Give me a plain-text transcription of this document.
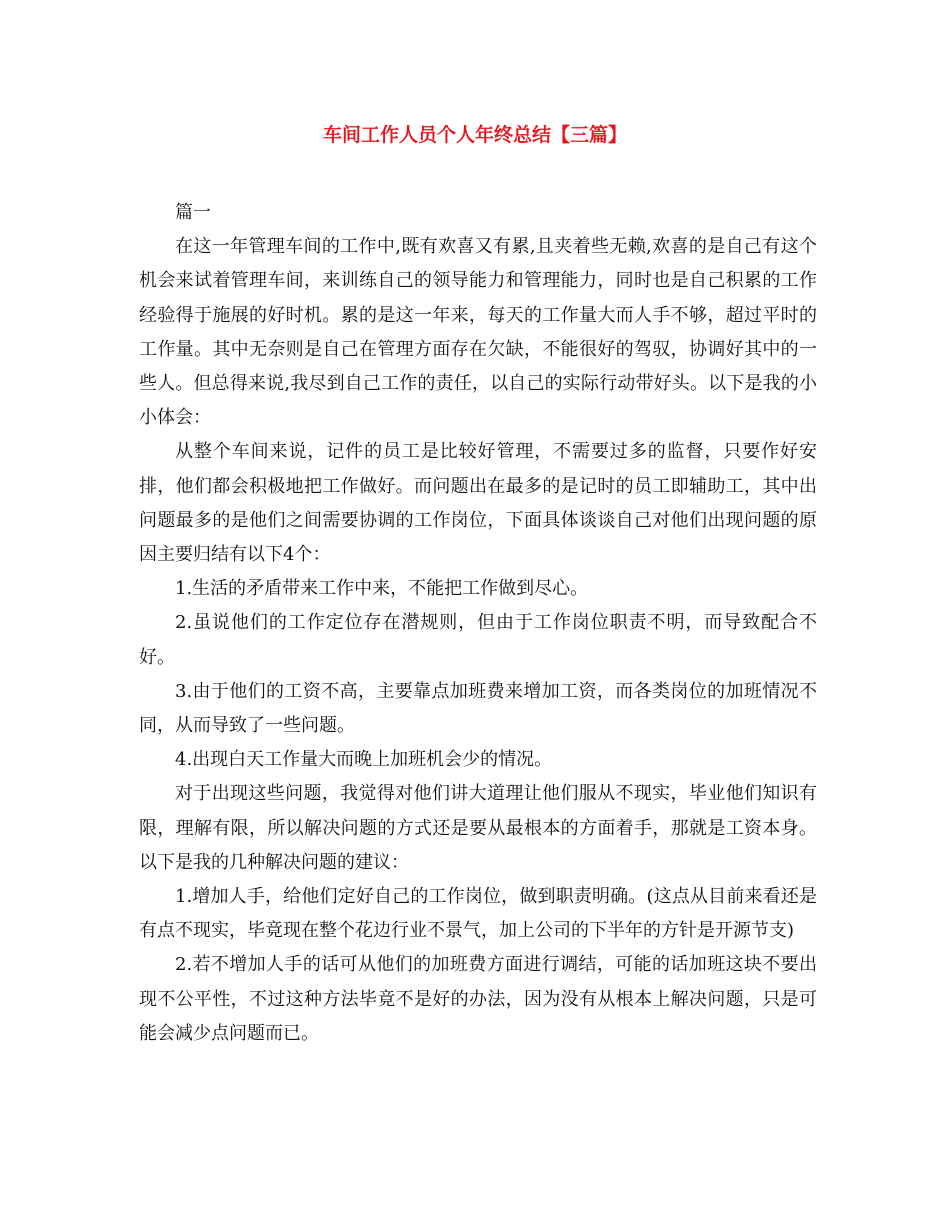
车间工作人员个人年终总结【三篇】

篇一

在这一年管理车间的工作中,既有欢喜又有累,且夹着些无赖,欢喜的是自己有这个机会来试着管理车间，来训练自己的领导能力和管理能力，同时也是自己积累的工作经验得于施展的好时机。累的是这一年来，每天的工作量大而人手不够，超过平时的工作量。其中无奈则是自己在管理方面存在欠缺，不能很好的驾驭，协调好其中的一些人。但总得来说,我尽到自己工作的责任，以自己的实际行动带好头。以下是我的小小体会：

从整个车间来说，记件的员工是比较好管理，不需要过多的监督，只要作好安排，他们都会积极地把工作做好。而问题出在最多的是记时的员工即辅助工，其中出问题最多的是他们之间需要协调的工作岗位，下面具体谈谈自己对他们出现问题的原因主要归结有以下4个：

1.生活的矛盾带来工作中来，不能把工作做到尽心。

2.虽说他们的工作定位存在潜规则，但由于工作岗位职责不明，而导致配合不好。

3.由于他们的工资不高，主要靠点加班费来增加工资，而各类岗位的加班情况不同，从而导致了一些问题。

4.出现白天工作量大而晚上加班机会少的情况。

对于出现这些问题，我觉得对他们讲大道理让他们服从不现实，毕业他们知识有限，理解有限，所以解决问题的方式还是要从最根本的方面着手，那就是工资本身。以下是我的几种解决问题的建议：

1.增加人手，给他们定好自己的工作岗位，做到职责明确。(这点从目前来看还是有点不现实，毕竟现在整个花边行业不景气，加上公司的下半年的方针是开源节支)

2.若不增加人手的话可从他们的加班费方面进行调结，可能的话加班这块不要出现不公平性，不过这种方法毕竟不是好的办法，因为没有从根本上解决问题，只是可能会减少点问题而已。
